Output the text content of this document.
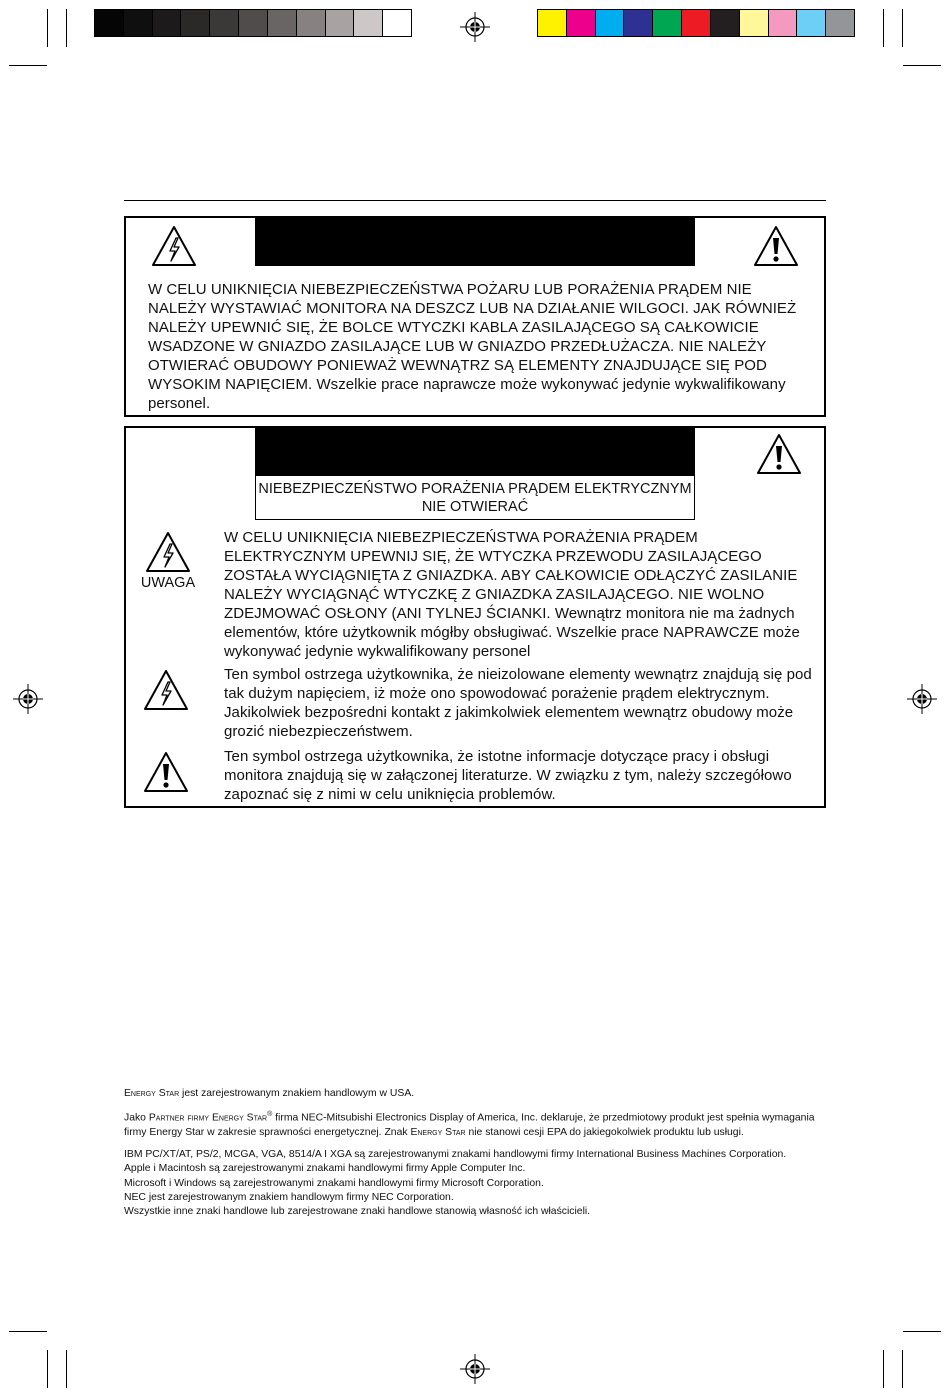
W CELU UNIKNIĘCIA NIEBEZPIECZEŃSTWA POŻARU LUB PORAŻENIA PRĄDEM NIE NALEŻY WYSTAWIAĆ MONITORA NA DESZCZ LUB NA DZIAŁANIE WILGOCI. JAK RÓWNIEŻ NALEŻY UPEWNIĆ SIĘ, ŻE BOLCE WTYCZKI KABLA ZASILAJĄCEGO SĄ CAŁKOWICIE WSADZONE W GNIAZDO ZASILAJĄCE LUB W GNIAZDO PRZEDŁUŻACZA. NIE NALEŻY OTWIERAĆ OBUDOWY PONIEWAŻ WEWNĄTRZ SĄ ELEMENTY ZNAJDUJĄCE SIĘ POD WYSOKIM NAPIĘCIEM. Wszelkie prace naprawcze może wykonywać jedynie wykwalifikowany personel.
NIEBEZPIECZEŃSTWO PORAŻENIA PRĄDEM ELEKTRYCZNYM NIE OTWIERAĆ
UWAGA
W CELU UNIKNIĘCIA NIEBEZPIECZEŃSTWA PORAŻENIA PRĄDEM ELEKTRYCZNYM UPEWNIJ SIĘ, ŻE WTYCZKA PRZEWODU ZASILAJĄCEGO ZOSTAŁA WYCIĄGNIĘTA Z GNIAZDKA. ABY CAŁKOWICIE ODŁĄCZYĆ ZASILANIE NALEŻY WYCIĄGNĄĆ WTYCZKĘ Z GNIAZDKA ZASILAJĄCEGO. NIE WOLNO ZDEJMOWAĆ OSŁONY (ANI TYLNEJ ŚCIANKI. Wewnątrz monitora nie ma żadnych elementów, które użytkownik mógłby obsługiwać. Wszelkie prace NAPRAWCZE może wykonywać jedynie wykwalifikowany personel
Ten symbol ostrzega użytkownika, że nieizolowane elementy wewnątrz znajdują się pod tak dużym napięciem, iż może ono spowodować porażenie prądem elektrycznym. Jakikolwiek bezpośredni kontakt z jakimkolwiek elementem wewnątrz obudowy może grozić niebezpieczeństwem.
Ten symbol ostrzega użytkownika, że istotne informacje dotyczące pracy i obsługi monitora znajdują się w załączonej literaturze. W związku z tym, należy szczegółowo zapoznać się z nimi w celu uniknięcia problemów.

Energy Star jest zarejestrowanym znakiem handlowym w USA.

Jako Partner firmy Energy Star® firma NEC-Mitsubishi Electronics Display of America, Inc. deklaruje, że przedmiotowy produkt jest spełnia wymagania firmy Energy Star w zakresie sprawności energetycznej. Znak Energy Star nie stanowi cesji EPA do jakiegokolwiek produktu lub usługi.

IBM PC/XT/AT, PS/2, MCGA, VGA, 8514/A I XGA są zarejestrowanymi znakami handlowymi firmy International Business Machines Corporation.

Apple i Macintosh są zarejestrowanymi znakami handlowymi firmy Apple Computer Inc.

Microsoft i Windows są zarejestrowanymi znakami handlowymi firmy Microsoft Corporation.

NEC jest zarejestrowanym znakiem handlowym firmy NEC Corporation.

Wszystkie inne znaki handlowe lub zarejestrowane znaki handlowe stanowią własność ich właścicieli.
